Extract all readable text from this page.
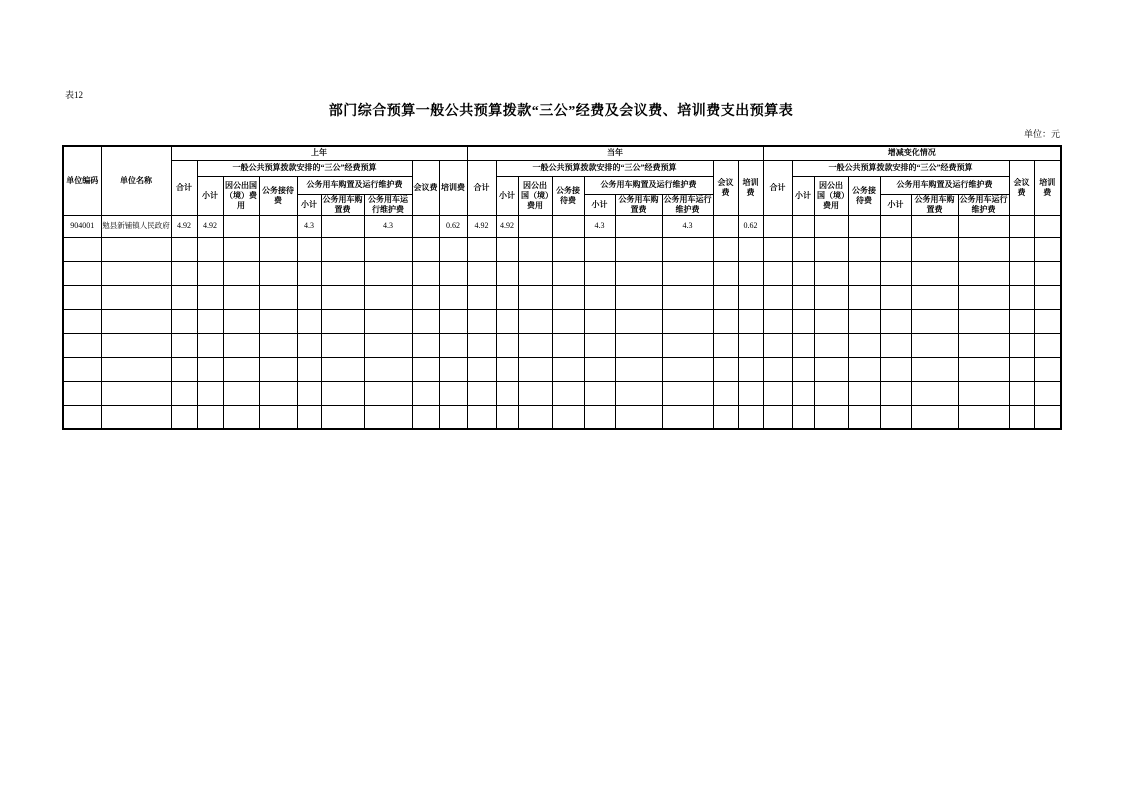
表12
部门综合预算一般公共预算拨款“三公”经费及会议费、培训费支出预算表
单位：元
单位编码	单位名称	上年									当年									增减变化情况								
		合计	一般公共预算拨款安排的“三公”经费预算						会议费	培训费	合计	一般公共预算拨款安排的“三公”经费预算						会议费	培训费	合计	一般公共预算拨款安排的“三公”经费预算						会议费	培训费
			小计	因公出国（境）费用	公务接待费	公务用车购置及运行维护费						小计	因公出国（境）费用	公务接待费	公务用车购置及运行维护费						小计	因公出国（境）费用	公务接待费	公务用车购置及运行维护费				
						小计	公务用车购置费	公务用车运行维护费							小计	公务用车购置费	公务用车运行维护费							小计	公务用车购置费	公务用车运行维护费		
904001	勉县新铺镇人民政府	4.92	4.92			4.3		4.3		0.62	4.92	4.92			4.3		4.3		0.62									
